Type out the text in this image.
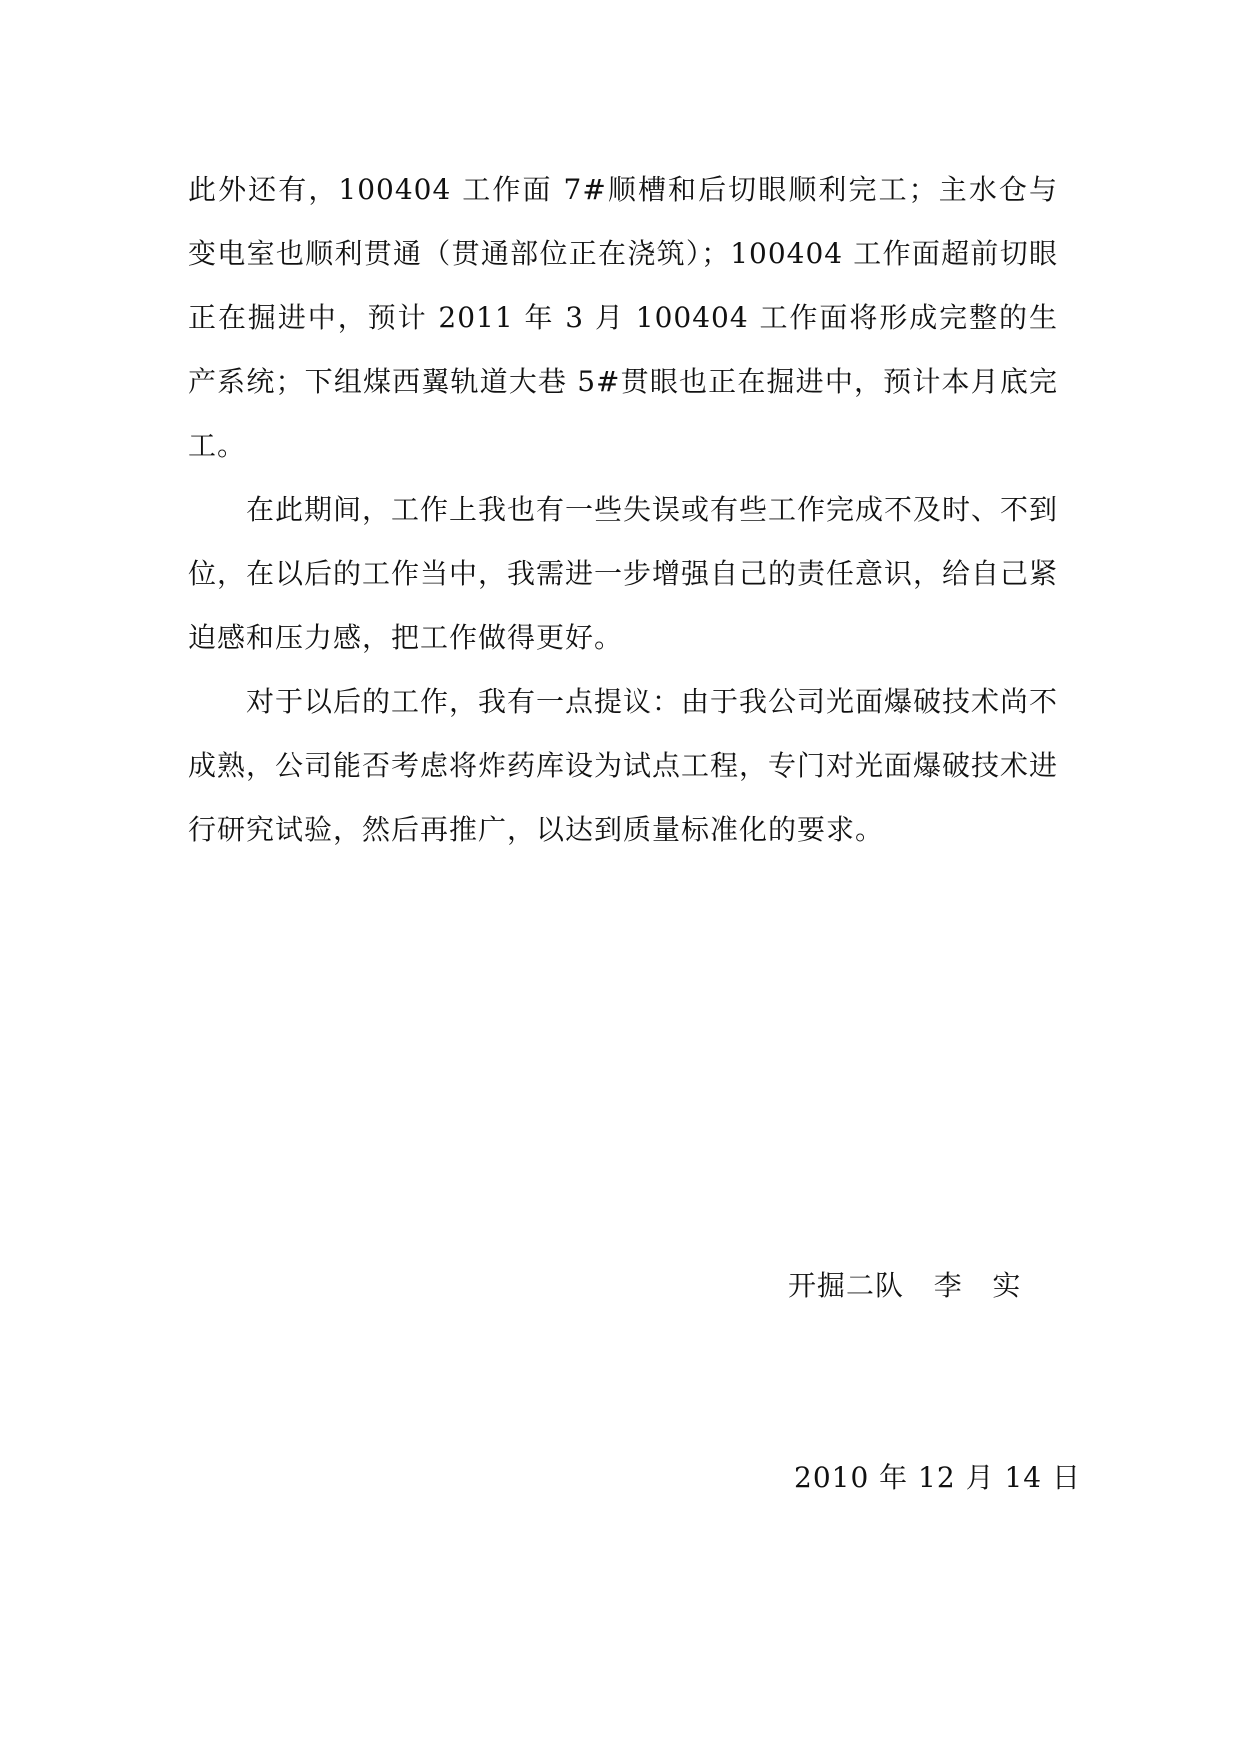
此外还有，100404 工作面 7#顺槽和后切眼顺利完工；主水仓与变电室也顺利贯通（贯通部位正在浇筑）；100404 工作面超前切眼正在掘进中，预计 2011 年 3 月 100404 工作面将形成完整的生产系统；下组煤西翼轨道大巷 5#贯眼也正在掘进中，预计本月底完工。

在此期间，工作上我也有一些失误或有些工作完成不及时、不到位，在以后的工作当中，我需进一步增强自己的责任意识，给自己紧迫感和压力感，把工作做得更好。

对于以后的工作，我有一点提议：由于我公司光面爆破技术尚不成熟，公司能否考虑将炸药库设为试点工程，专门对光面爆破技术进行研究试验，然后再推广，以达到质量标准化的要求。

开掘二队   李   实

2010 年 12 月 14 日
